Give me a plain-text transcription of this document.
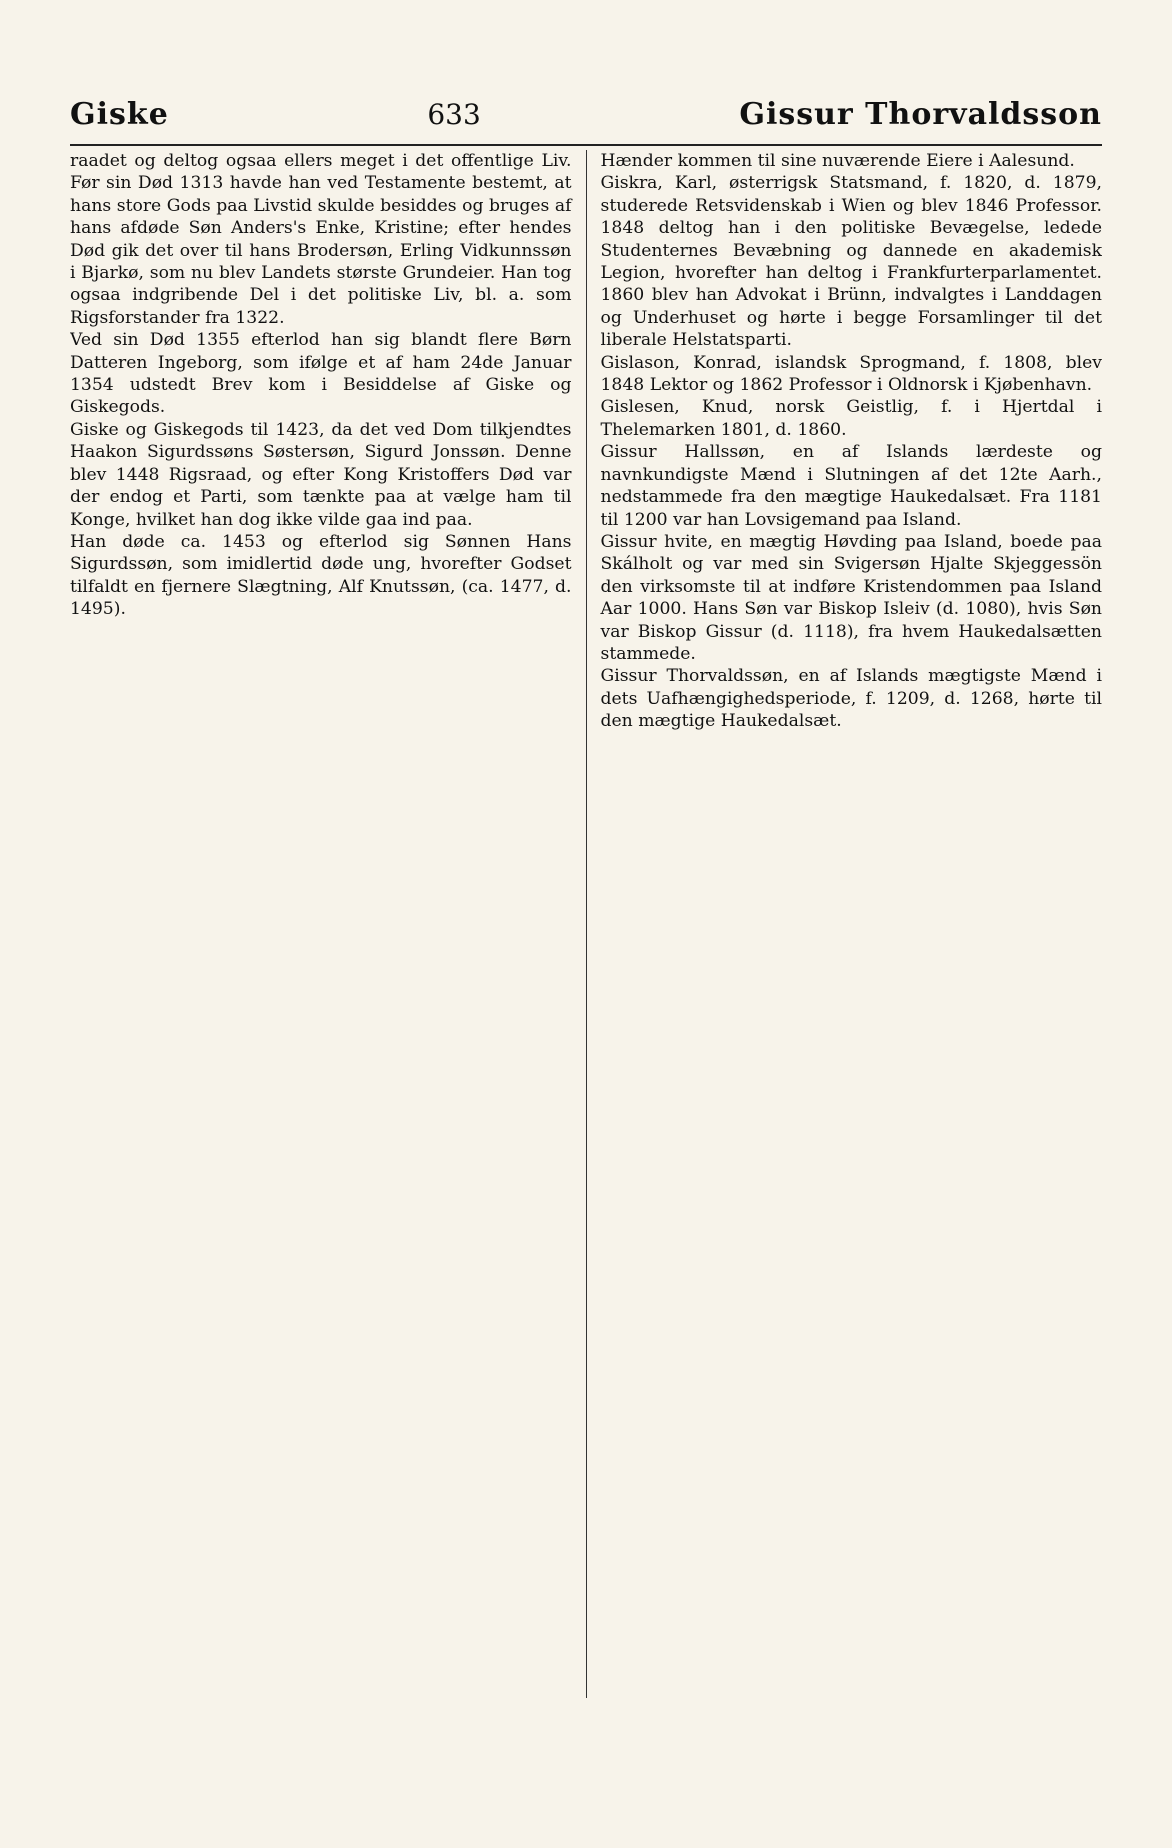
Giske	633	Gissur Thorvaldsson

raadet og deltog ogsaa ellers meget i det offentlige Liv. Før sin Død 1313 havde han ved Testamente bestemt, at hans store Gods paa Livstid skulde besiddes og bruges af hans afdøde Søn Anders's Enke, Kristine; efter hendes Død gik det over til hans Brodersøn, Erling Vidkunnssøn i Bjarkø, som nu blev Landets største Grundeier. Han tog ogsaa indgribende Del i det politiske Liv, bl. a. som Rigsforstander fra 1322.

Ved sin Død 1355 efterlod han sig blandt flere Børn Datteren Ingeborg, som ifølge et af ham 24de Januar 1354 udstedt Brev kom i Besiddelse af Giske og Giskegods.

Giske og Giskegods til 1423, da det ved Dom tilkjendtes Haakon Sigurdssøns Søstersøn, Sigurd Jonssøn. Denne blev 1448 Rigsraad, og efter Kong Kristoffers Død var der endog et Parti, som tænkte paa at vælge ham til Konge, hvilket han dog ikke vilde gaa ind paa.

Han døde ca. 1453 og efterlod sig Sønnen Hans Sigurdssøn, som imidlertid døde ung, hvorefter Godset tilfaldt en fjernere Slægtning, Alf Knutssøn, (ca. 1477, d. 1495).

Hænder kommen til sine nuværende Eiere i Aalesund.

Giskra, Karl, østerrigsk Statsmand, f. 1820, d. 1879, studerede Retsvidenskab i Wien og blev 1846 Professor. 1848 deltog han i den politiske Bevægelse, ledede Studenternes Bevæbning og dannede en akademisk Legion, hvorefter han deltog i Frankfurterparlamentet. 1860 blev han Advokat i Brünn, indvalgtes i Landdagen og Underhuset og hørte i begge Forsamlinger til det liberale Helstatsparti.

Gislason, Konrad, islandsk Sprogmand, f. 1808, blev 1848 Lektor og 1862 Professor i Oldnorsk i Kjøbenhavn.

Gislesen, Knud, norsk Geistlig, f. i Hjertdal i Thelemarken 1801, d. 1860.

Gissur Hallssøn, en af Islands lærdeste og navnkundigste Mænd i Slutningen af det 12te Aarh., nedstammede fra den mægtige Haukedalsæt. Fra 1181 til 1200 var han Lovsigemand paa Island.

Gissur hvite, en mægtig Høvding paa Island, boede paa Skálholt og var med sin Svigersøn Hjalte Skjeggessön den virksomste til at indføre Kristendommen paa Island Aar 1000. Hans Søn var Biskop Isleiv (d. 1080), hvis Søn var Biskop Gissur (d. 1118), fra hvem Haukedalsætten stammede.

Gissur Thorvaldssøn, en af Islands mægtigste Mænd i dets Uafhængighedsperiode, f. 1209, d. 1268, hørte til den mægtige Haukedalsæt.
